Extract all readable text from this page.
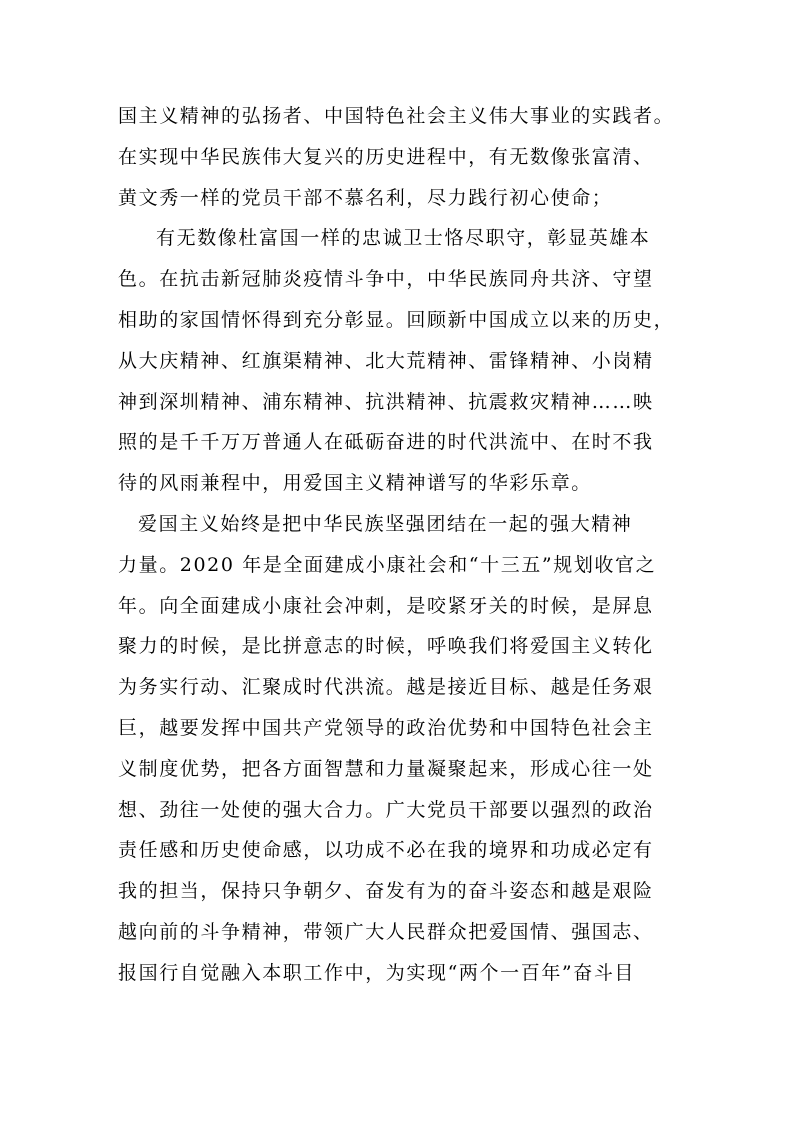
国主义精神的弘扬者、中国特色社会主义伟大事业的实践者。
在实现中华民族伟大复兴的历史进程中，有无数像张富清、
黄文秀一样的党员干部不慕名利，尽力践行初心使命；
有无数像杜富国一样的忠诚卫士恪尽职守，彰显英雄本
色。在抗击新冠肺炎疫情斗争中，中华民族同舟共济、守望
相助的家国情怀得到充分彰显。回顾新中国成立以来的历史，
从大庆精神、红旗渠精神、北大荒精神、雷锋精神、小岗精
神到深圳精神、浦东精神、抗洪精神、抗震救灾精神……映
照的是千千万万普通人在砥砺奋进的时代洪流中、在时不我
待的风雨兼程中，用爱国主义精神谱写的华彩乐章。
爱国主义始终是把中华民族坚强团结在一起的强大精神
力量。2020 年是全面建成小康社会和“十三五”规划收官之
年。向全面建成小康社会冲刺，是咬紧牙关的时候，是屏息
聚力的时候，是比拼意志的时候，呼唤我们将爱国主义转化
为务实行动、汇聚成时代洪流。越是接近目标、越是任务艰
巨，越要发挥中国共产党领导的政治优势和中国特色社会主
义制度优势，把各方面智慧和力量凝聚起来，形成心往一处
想、劲往一处使的强大合力。广大党员干部要以强烈的政治
责任感和历史使命感，以功成不必在我的境界和功成必定有
我的担当，保持只争朝夕、奋发有为的奋斗姿态和越是艰险
越向前的斗争精神，带领广大人民群众把爱国情、强国志、
报国行自觉融入本职工作中，为实现“两个一百年”奋斗目
